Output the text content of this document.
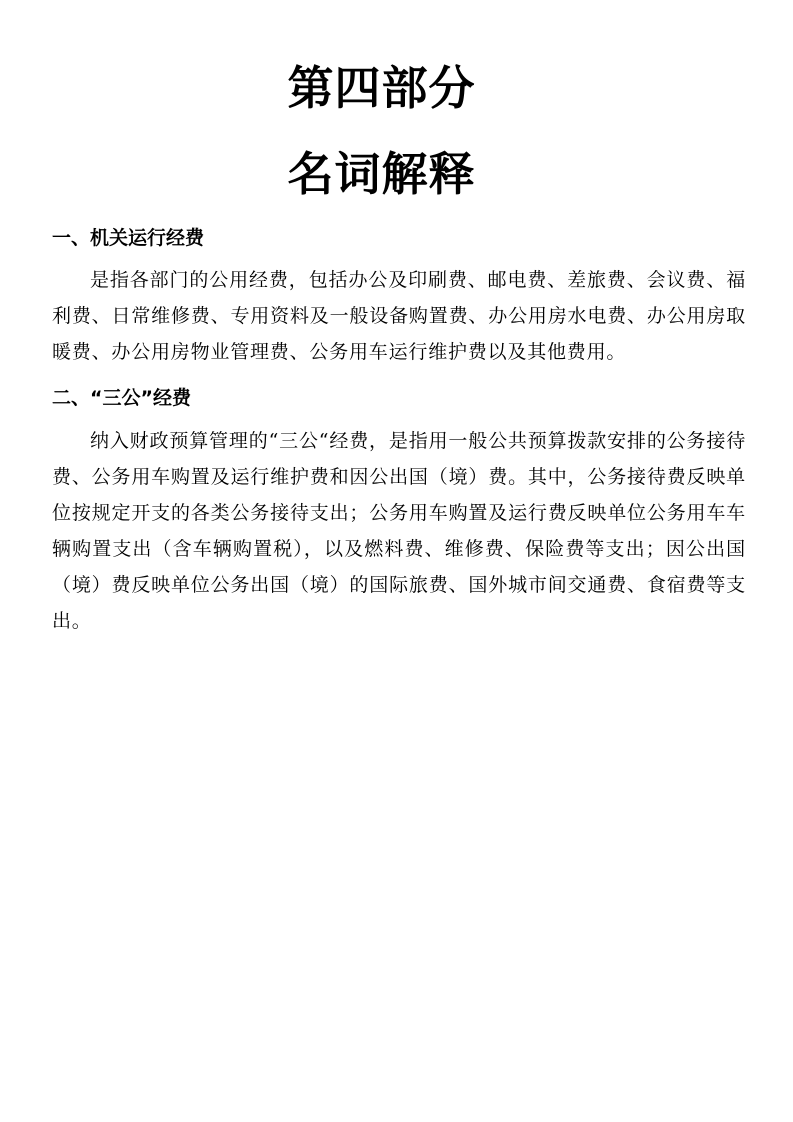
第四部分
名词解释
一、机关运行经费

是指各部门的公用经费，包括办公及印刷费、邮电费、差旅费、会议费、福利费、日常维修费、专用资料及一般设备购置费、办公用房水电费、办公用房取暖费、办公用房物业管理费、公务用车运行维护费以及其他费用。

二、“三公”经费

纳入财政预算管理的“三公“经费，是指用一般公共预算拨款安排的公务接待费、公务用车购置及运行维护费和因公出国（境）费。其中，公务接待费反映单位按规定开支的各类公务接待支出；公务用车购置及运行费反映单位公务用车车辆购置支出（含车辆购置税），以及燃料费、维修费、保险费等支出；因公出国（境）费反映单位公务出国（境）的国际旅费、国外城市间交通费、食宿费等支出。
